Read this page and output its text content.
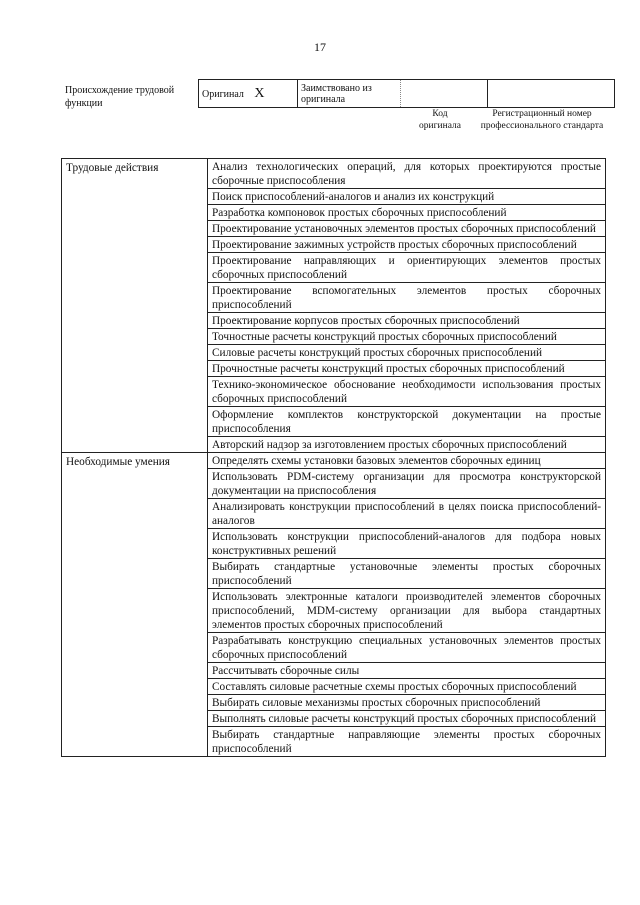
17
Происхождение трудовой функции
Оригинал X	Заимствовано из оригинала		
Код оригинала
Регистрационный номер профессионального стандарта
Трудовые действия	Анализ технологических операций, для которых проектируются простые сборочные приспособления
	Поиск приспособлений-аналогов и анализ их конструкций
	Разработка компоновок простых сборочных приспособлений
	Проектирование установочных элементов простых сборочных приспособлений
	Проектирование зажимных устройств простых сборочных приспособлений
	Проектирование направляющих и ориентирующих элементов простых сборочных приспособлений
	Проектирование вспомогательных элементов простых сборочных приспособлений
	Проектирование корпусов простых сборочных приспособлений
	Точностные расчеты конструкций простых сборочных приспособлений
	Силовые расчеты конструкций простых сборочных приспособлений
	Прочностные расчеты конструкций простых сборочных приспособлений
	Технико-экономическое обоснование необходимости использования простых сборочных приспособлений
	Оформление комплектов конструкторской документации на простые приспособления
	Авторский надзор за изготовлением простых сборочных приспособлений
Необходимые умения	Определять схемы установки базовых элементов сборочных единиц
	Использовать PDM-систему организации для просмотра конструкторской документации на приспособления
	Анализировать конструкции приспособлений в целях поиска приспособлений-аналогов
	Использовать конструкции приспособлений-аналогов для подбора новых конструктивных решений
	Выбирать стандартные установочные элементы простых сборочных приспособлений
	Использовать электронные каталоги производителей элементов сборочных приспособлений, MDM-систему организации для выбора стандартных элементов простых сборочных приспособлений
	Разрабатывать конструкцию специальных установочных элементов простых сборочных приспособлений
	Рассчитывать сборочные силы
	Составлять силовые расчетные схемы простых сборочных приспособлений
	Выбирать силовые механизмы простых сборочных приспособлений
	Выполнять силовые расчеты конструкций простых сборочных приспособлений
	Выбирать стандартные направляющие элементы простых сборочных приспособлений
